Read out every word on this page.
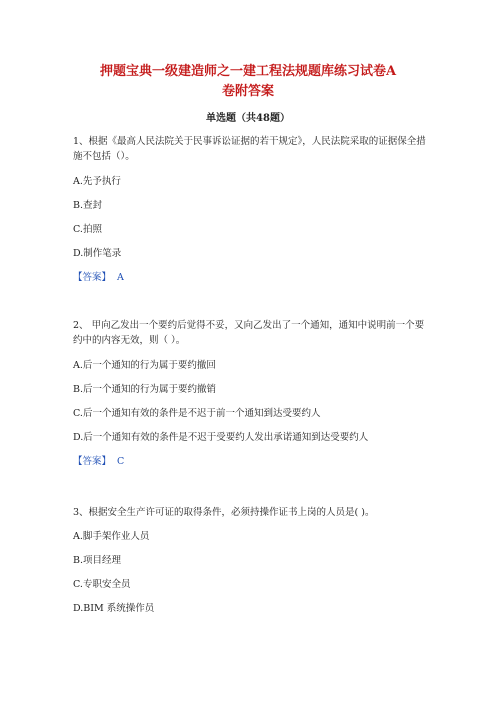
押题宝典一级建造师之一建工程法规题库练习试卷A
卷附答案
单选题（共48题）
1、根据《最高人民法院关于民事诉讼证据的若干规定》，人民法院采取的证据保全措施不包括（）。
A.先予执行
B.查封
C.拍照
D.制作笔录
【答案】 A
2、 甲向乙发出一个要约后觉得不妥，又向乙发出了一个通知，通知中说明前一个要约中的内容无效，则（ ）。
A.后一个通知的行为属于要约撤回
B.后一个通知的行为属于要约撤销
C.后一个通知有效的条件是不迟于前一个通知到达受要约人
D.后一个通知有效的条件是不迟于受要约人发出承诺通知到达受要约人
【答案】 C
3、根据安全生产许可证的取得条件，必须持操作证书上岗的人员是( )。
A.脚手架作业人员
B.项目经理
C.专职安全员
D.BIM 系统操作员
